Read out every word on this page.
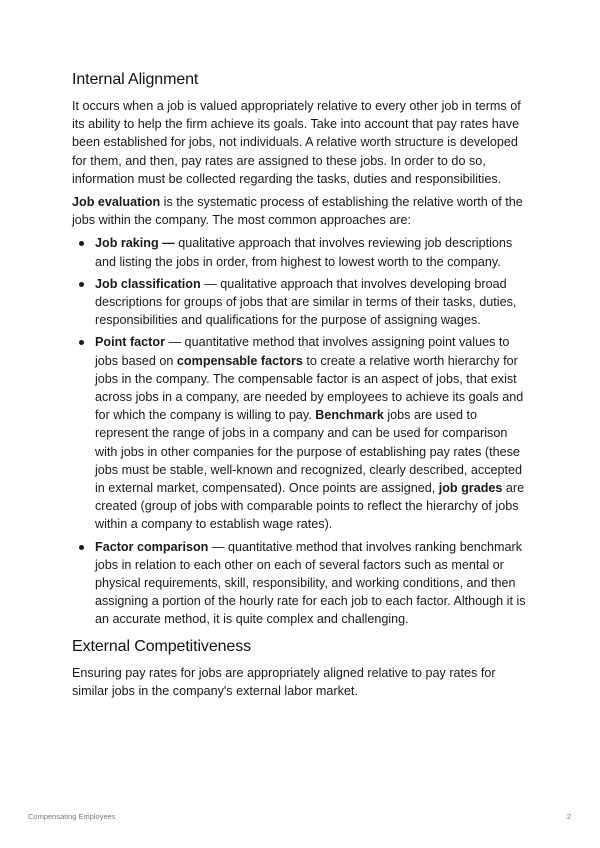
Internal Alignment

It occurs when a job is valued appropriately relative to every other job in terms of its ability to help the firm achieve its goals. Take into account that pay rates have been established for jobs, not individuals. A relative worth structure is developed for them, and then, pay rates are assigned to these jobs. In order to do so, information must be collected regarding the tasks, duties and responsibilities.

Job evaluation is the systematic process of establishing the relative worth of the jobs within the company. The most common approaches are:

Job raking — qualitative approach that involves reviewing job descriptions and listing the jobs in order, from highest to lowest worth to the company.
Job classification — qualitative approach that involves developing broad descriptions for groups of jobs that are similar in terms of their tasks, duties, responsibilities and qualifications for the purpose of assigning wages.
Point factor — quantitative method that involves assigning point values to jobs based on compensable factors to create a relative worth hierarchy for jobs in the company. The compensable factor is an aspect of jobs, that exist across jobs in a company, are needed by employees to achieve its goals and for which the company is willing to pay. Benchmark jobs are used to represent the range of jobs in a company and can be used for comparison with jobs in other companies for the purpose of establishing pay rates (these jobs must be stable, well-known and recognized, clearly described, accepted in external market, compensated). Once points are assigned, job grades are created (group of jobs with comparable points to reflect the hierarchy of jobs within a company to establish wage rates).
Factor comparison — quantitative method that involves ranking benchmark jobs in relation to each other on each of several factors such as mental or physical requirements, skill, responsibility, and working conditions, and then assigning a portion of the hourly rate for each job to each factor. Although it is an accurate method, it is quite complex and challenging.
External Competitiveness

Ensuring pay rates for jobs are appropriately aligned relative to pay rates for similar jobs in the company's external labor market.

Compensating Employees	2
